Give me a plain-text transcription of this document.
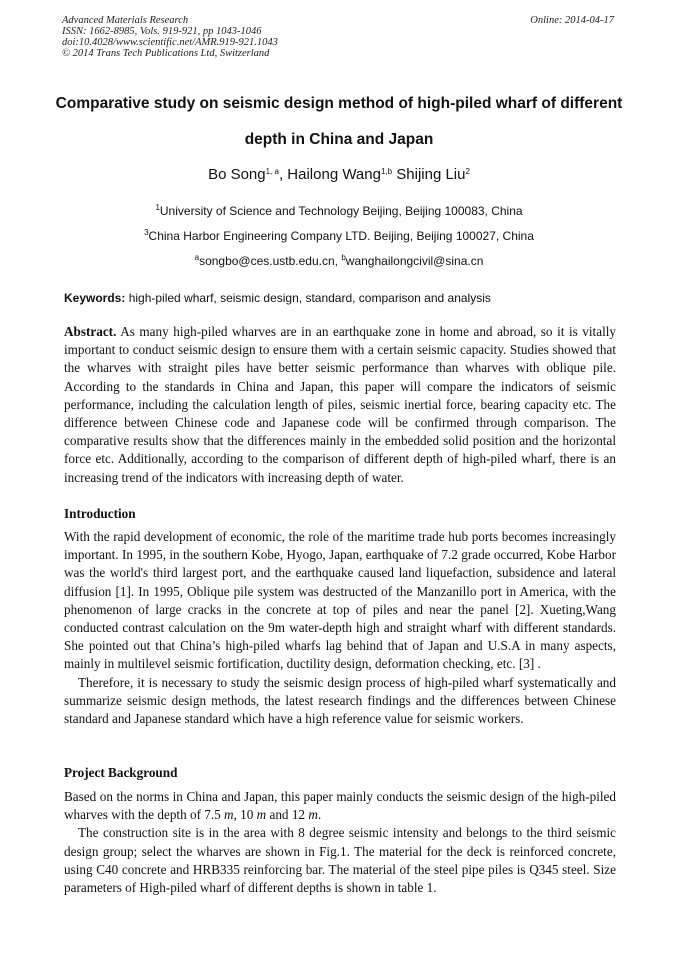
Advanced Materials Research
ISSN: 1662-8985, Vols. 919-921, pp 1043-1046
doi:10.4028/www.scientific.net/AMR.919-921.1043
© 2014 Trans Tech Publications Ltd, Switzerland
Online: 2014-04-17
Comparative study on seismic design method of high-piled wharf of different depth in China and Japan
Bo Song$^{1, a}$, Hailong Wang$^{1,b}$ Shijing Liu$^2$
$^1$University of Science and Technology Beijing, Beijing 100083, China
$^3$China Harbor Engineering Company LTD. Beijing, Beijing 100027, China
$^a$songbo@ces.ustb.edu.cn, $^b$wanghailongcivil@sina.cn
Keywords: high-piled wharf, seismic design, standard, comparison and analysis

Abstract. As many high-piled wharves are in an earthquake zone in home and abroad, so it is vitally important to conduct seismic design to ensure them with a certain seismic capacity. Studies showed that the wharves with straight piles have better seismic performance than wharves with oblique pile. According to the standards in China and Japan, this paper will compare the indicators of seismic performance, including the calculation length of piles, seismic inertial force, bearing capacity etc. The difference between Chinese code and Japanese code will be confirmed through comparison. The comparative results show that the differences mainly in the embedded solid position and the horizontal force etc. Additionally, according to the comparison of different depth of high-piled wharf, there is an increasing trend of the indicators with increasing depth of water.

Introduction

With the rapid development of economic, the role of the maritime trade hub ports becomes increasingly important. In 1995, in the southern Kobe, Hyogo, Japan, earthquake of 7.2 grade occurred, Kobe Harbor was the world's third largest port, and the earthquake caused land liquefaction, subsidence and lateral diffusion [1]. In 1995, Oblique pile system was destructed of the Manzanillo port in America, with the phenomenon of large cracks in the concrete at top of piles and near the panel [2]. Xueting,Wang conducted contrast calculation on the 9m water-depth high and straight wharf with different standards. She pointed out that China’s high-piled wharfs lag behind that of Japan and U.S.A in many aspects, mainly in multilevel seismic fortification, ductility design, deformation checking, etc. [3] .

Therefore, it is necessary to study the seismic design process of high-piled wharf systematically and summarize seismic design methods, the latest research findings and the differences between Chinese standard and Japanese standard which have a high reference value for seismic workers.

Project Background

Based on the norms in China and Japan, this paper mainly conducts the seismic design of the high-piled wharves with the depth of 7.5 m, 10 m and 12 m.

The construction site is in the area with 8 degree seismic intensity and belongs to the third seismic design group; select the wharves are shown in Fig.1. The material for the deck is reinforced concrete, using C40 concrete and HRB335 reinforcing bar. The material of the steel pipe piles is Q345 steel. Size parameters of High-piled wharf of different depths is shown in table 1.
